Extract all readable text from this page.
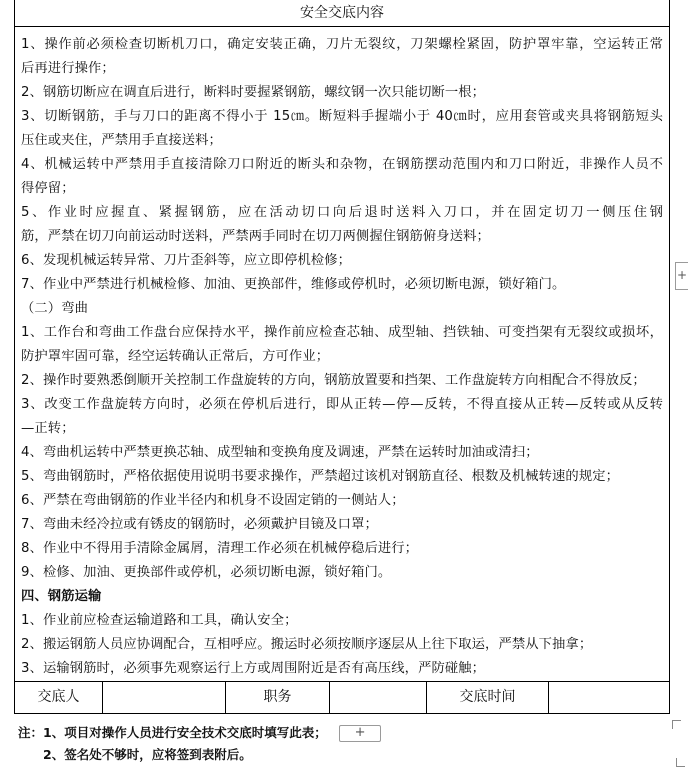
安全交底内容
1、操作前必须检查切断机刀口，确定安装正确，刀片无裂纹，刀架螺栓紧固，防护罩牢靠，空运转正常
后再进行操作；
2、钢筋切断应在调直后进行，断料时要握紧钢筋，螺纹钢一次只能切断一根；
3、切断钢筋，手与刀口的距离不得小于 15㎝。断短料手握端小于 40㎝时，应用套管或夹具将钢筋短头
压住或夹住，严禁用手直接送料；
4、机械运转中严禁用手直接清除刀口附近的断头和杂物，在钢筋摆动范围内和刀口附近，非操作人员不
得停留；
5、作业时应握直、紧握钢筋，应在活动切口向后退时送料入刀口，并在固定切刀一侧压住钢
筋，严禁在切刀向前运动时送料，严禁两手同时在切刀两侧握住钢筋俯身送料；
6、发现机械运转异常、刀片歪斜等，应立即停机检修；
7、作业中严禁进行机械检修、加油、更换部件，维修或停机时，必须切断电源，锁好箱门。
（二）弯曲
1、工作台和弯曲工作盘台应保持水平，操作前应检查芯轴、成型轴、挡铁轴、可变挡架有无裂纹或损坏，
防护罩牢固可靠，经空运转确认正常后，方可作业；
2、操作时要熟悉倒顺开关控制工作盘旋转的方向，钢筋放置要和挡架、工作盘旋转方向相配合不得放反；
3、改变工作盘旋转方向时，必须在停机后进行，即从正转—停—反转，不得直接从正转—反转或从反转
—正转；
4、弯曲机运转中严禁更换芯轴、成型轴和变换角度及调速，严禁在运转时加油或清扫；
5、弯曲钢筋时，严格依据使用说明书要求操作，严禁超过该机对钢筋直径、根数及机械转速的规定；
6、严禁在弯曲钢筋的作业半径内和机身不设固定销的一侧站人；
7、弯曲未经冷拉或有锈皮的钢筋时，必须戴护目镜及口罩；
8、作业中不得用手清除金属屑，清理工作必须在机械停稳后进行；
9、检修、加油、更换部件或停机，必须切断电源，锁好箱门。
四、钢筋运输
1、作业前应检查运输道路和工具，确认安全；
2、搬运钢筋人员应协调配合，互相呼应。搬运时必须按顺序逐层从上往下取运，严禁从下抽拿；
3、运输钢筋时，必须事先观察运行上方或周围附近是否有高压线，严防碰触；
交底人	职务	交底时间
+
注：1、项目对操作人员进行安全技术交底时填写此表； +
2、签名处不够时，应将签到表附后。
